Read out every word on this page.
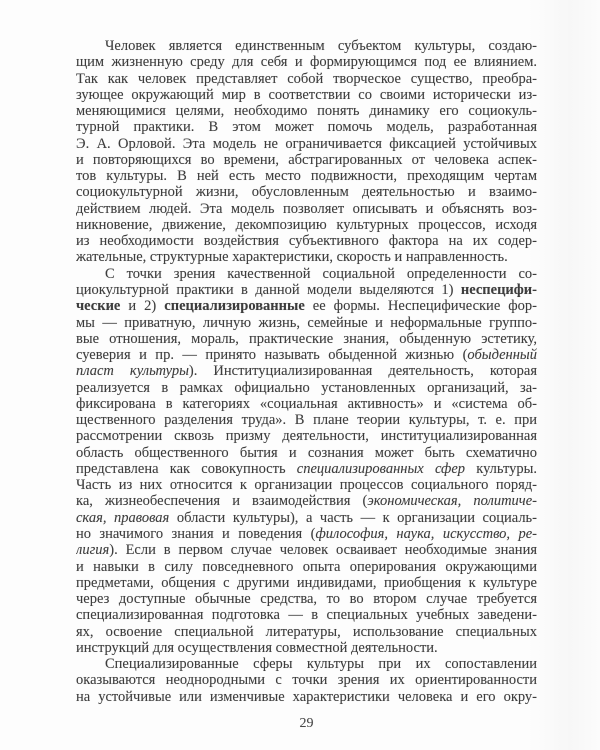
Человек является единственным субъектом культуры, создаю-
щим жизненную среду для себя и формирующимся под ее влиянием.
Так как человек представляет собой творческое существо, преобра-
зующее окружающий мир в соответствии со своими исторически из-
меняющимися целями, необходимо понять динамику его социокуль-
турной практики. В этом может помочь модель, разработанная
Э. А. Орловой. Эта модель не ограничивается фиксацией устойчивых
и повторяющихся во времени, абстрагированных от человека аспек-
тов культуры. В ней есть место подвижности, преходящим чертам
социокультурной жизни, обусловленным деятельностью и взаимо-
действием людей. Эта модель позволяет описывать и объяснять воз-
никновение, движение, декомпозицию культурных процессов, исходя
из необходимости воздействия субъективного фактора на их содер-
жательные, структурные характеристики, скорость и направленность.
С точки зрения качественной социальной определенности со-
циокультурной практики в данной модели выделяются 1) неспецифи-
ческие и 2) специализированные ее формы. Неспецифические фор-
мы — приватную, личную жизнь, семейные и неформальные группо-
вые отношения, мораль, практические знания, обыденную эстетику,
суеверия и пр. — принято называть обыденной жизнью (обыденный
пласт культуры). Институциализированная деятельность, которая
реализуется в рамках официально установленных организаций, за-
фиксирована в категориях «социальная активность» и «система об-
щественного разделения труда». В плане теории культуры, т. е. при
рассмотрении сквозь призму деятельности, институциализированная
область общественного бытия и сознания может быть схематично
представлена как совокупность специализированных сфер культуры.
Часть из них относится к организации процессов социального поряд-
ка, жизнеобеспечения и взаимодействия (экономическая, политиче-
ская, правовая области культуры), а часть — к организации социаль-
но значимого знания и поведения (философия, наука, искусство, ре-
лигия). Если в первом случае человек осваивает необходимые знания
и навыки в силу повседневного опыта оперирования окружающими
предметами, общения с другими индивидами, приобщения к культуре
через доступные обычные средства, то во втором случае требуется
специализированная подготовка — в специальных учебных заведени-
ях, освоение специальной литературы, использование специальных
инструкций для осуществления совместной деятельности.
Специализированные сферы культуры при их сопоставлении
оказываются неоднородными с точки зрения их ориентированности
на устойчивые или изменчивые характеристики человека и его окру-
29
